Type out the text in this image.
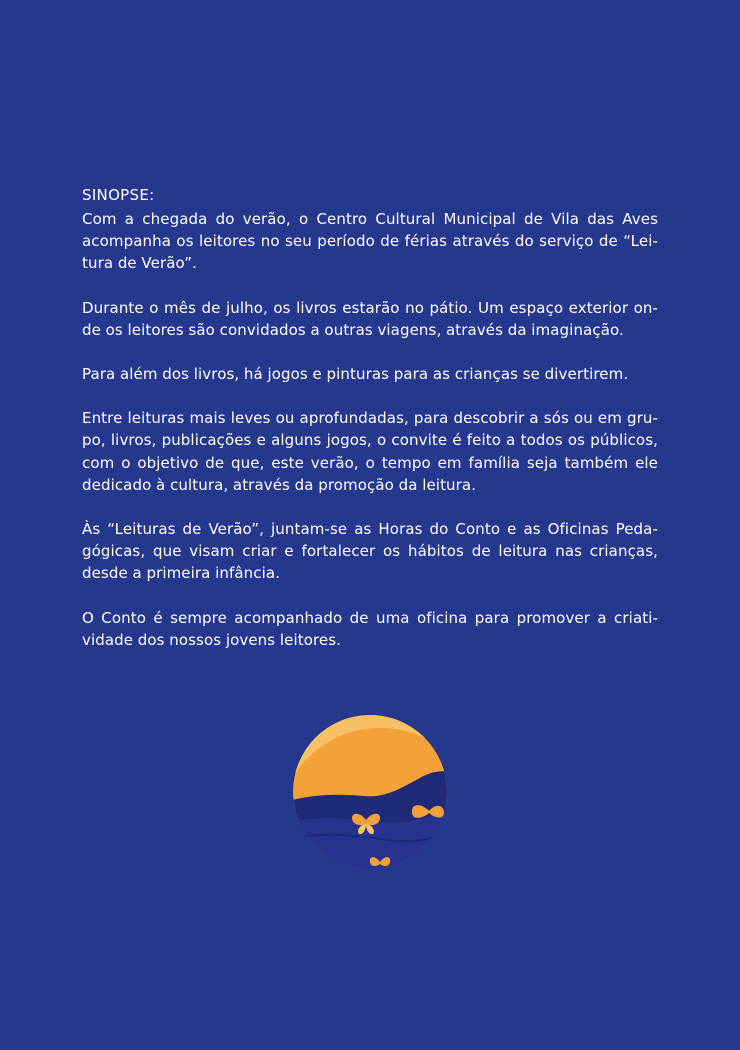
SINOPSE:

Com a chegada do verão, o Centro Cultural Municipal de Vila das Aves
acompanha os leitores no seu período de férias através do serviço de “Lei-
tura de Verão”.

Durante o mês de julho, os livros estarão no pátio. Um espaço exterior on-
de os leitores são convidados a outras viagens, através da imaginação.

Para além dos livros, há jogos e pinturas para as crianças se divertirem.

Entre leituras mais leves ou aprofundadas, para descobrir a sós ou em gru-
po, livros, publicações e alguns jogos, o convite é feito a todos os públicos,
com o objetivo de que, este verão, o tempo em família seja também ele
dedicado à cultura, através da promoção da leitura.

Às “Leituras de Verão”, juntam-se as Horas do Conto e as Oficinas Peda-
gógicas, que visam criar e fortalecer os hábitos de leitura nas crianças,
desde a primeira infância.

O Conto é sempre acompanhado de uma oficina para promover a criati-
vidade dos nossos jovens leitores.
